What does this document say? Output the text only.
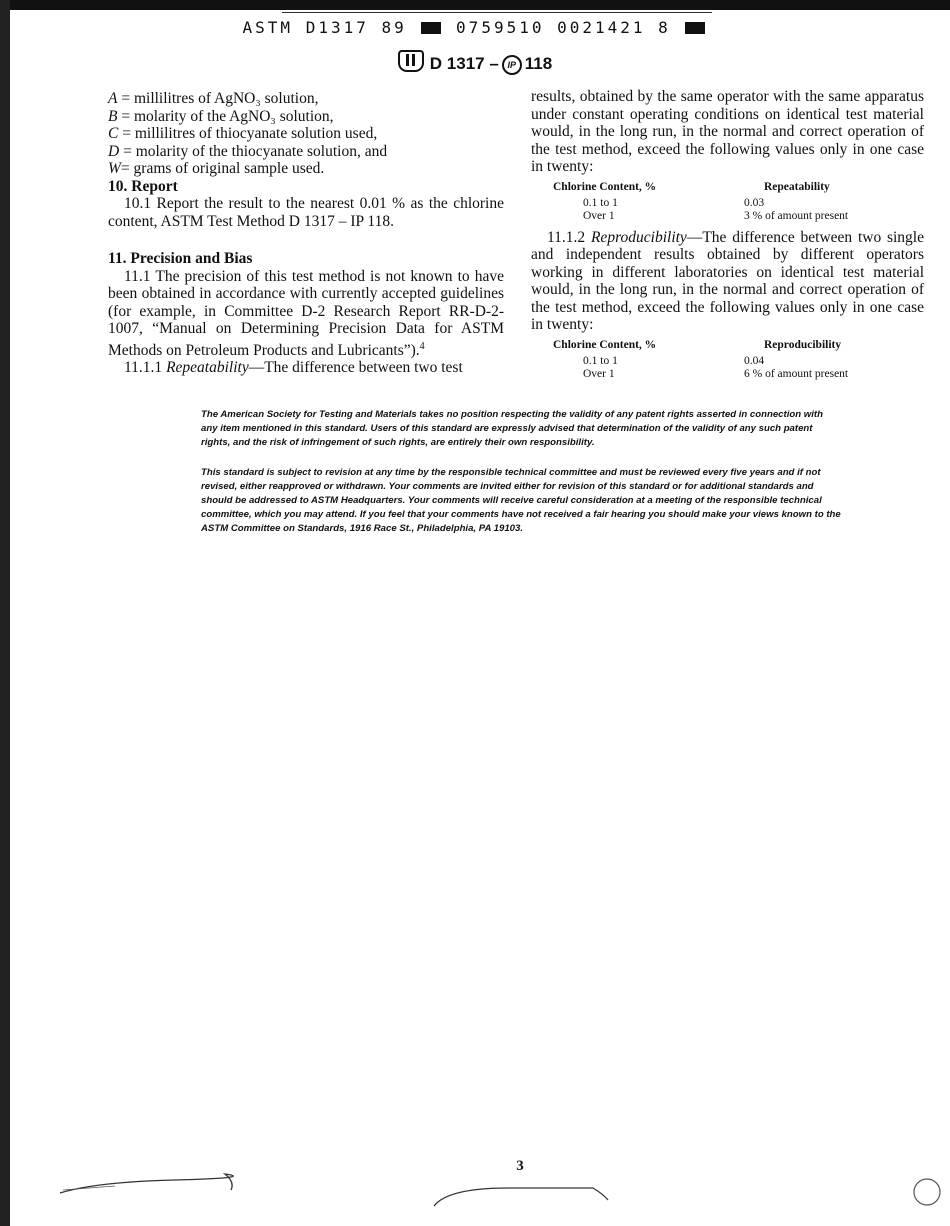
ASTM D1317 89	0759510 0021421 8
D 1317 – IP 118
A = millilitres of AgNO₃ solution,
B = molarity of the AgNO₃ solution,
C = millilitres of thiocyanate solution used,
D = molarity of the thiocyanate solution, and
W= grams of original sample used.

10. Report

10.1 Report the result to the nearest 0.01 % as the chlorine content, ASTM Test Method D 1317 – IP 118.

11. Precision and Bias

11.1 The precision of this test method is not known to have been obtained in accordance with currently accepted guidelines (for example, in Committee D-2 Research Report RR-D-2-1007, “Manual on Determining Precision Data for ASTM Methods on Petroleum Products and Lubricants”).$^4$

11.1.1 Repeatability—The difference between two test

results, obtained by the same operator with the same apparatus under constant operating conditions on identical test material would, in the long run, in the normal and correct operation of the test method, exceed the following values only in one case in twenty:

Chlorine Content, %	Repeatability
0.1 to 1	0.03
Over 1	3 % of amount present

11.1.2 Reproducibility—The difference between two single and independent results obtained by different operators working in different laboratories on identical test material would, in the long run, in the normal and correct operation of the test method, exceed the following values only in one case in twenty:

Chlorine Content, %	Reproducibility
0.1 to 1	0.04
Over 1	6 % of amount present
The American Society for Testing and Materials takes no position respecting the validity of any patent rights asserted in connection with any item mentioned in this standard. Users of this standard are expressly advised that determination of the validity of any such patent rights, and the risk of infringement of such rights, are entirely their own responsibility.
This standard is subject to revision at any time by the responsible technical committee and must be reviewed every five years and if not revised, either reapproved or withdrawn. Your comments are invited either for revision of this standard or for additional standards and should be addressed to ASTM Headquarters. Your comments will receive careful consideration at a meeting of the responsible technical committee, which you may attend. If you feel that your comments have not received a fair hearing you should make your views known to the ASTM Committee on Standards, 1916 Race St., Philadelphia, PA 19103.
3
